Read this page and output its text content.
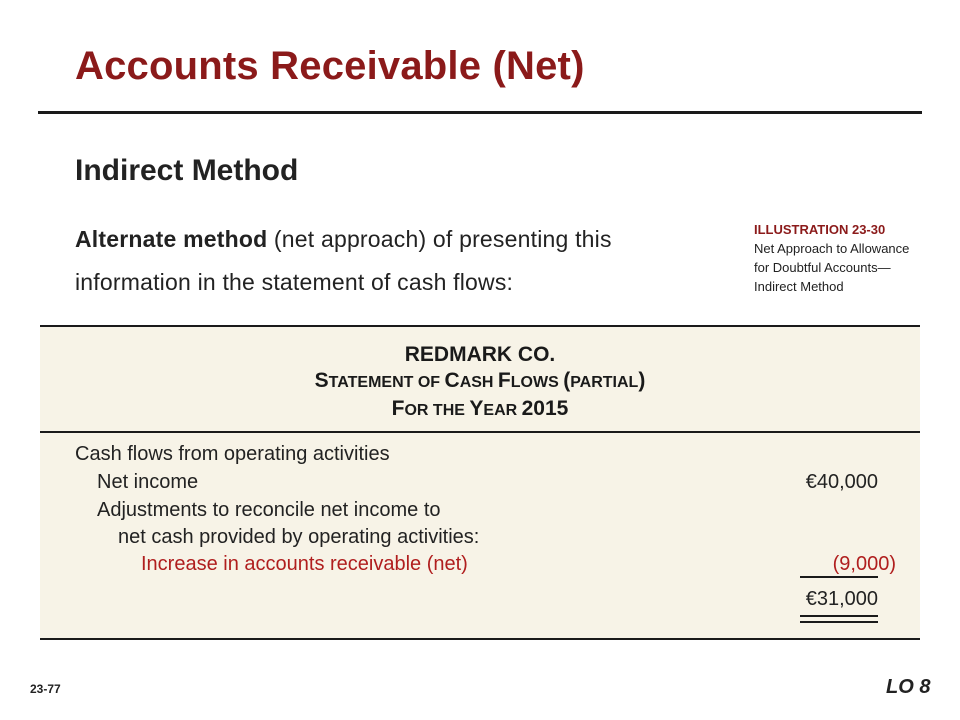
Accounts Receivable (Net)
Indirect Method
Alternate method (net approach) of presenting this information in the statement of cash flows:
ILLUSTRATION 23-30
Net Approach to Allowance for Doubtful Accounts—Indirect Method
REDMARK CO.
STATEMENT OF CASH FLOWS (PARTIAL)
FOR THE YEAR 2015
Cash flows from operating activities
Net income	€40,000
Adjustments to reconcile net income to
net cash provided by operating activities:
Increase in accounts receivable (net)	(9,000)
€31,000
23-77	LO 8
